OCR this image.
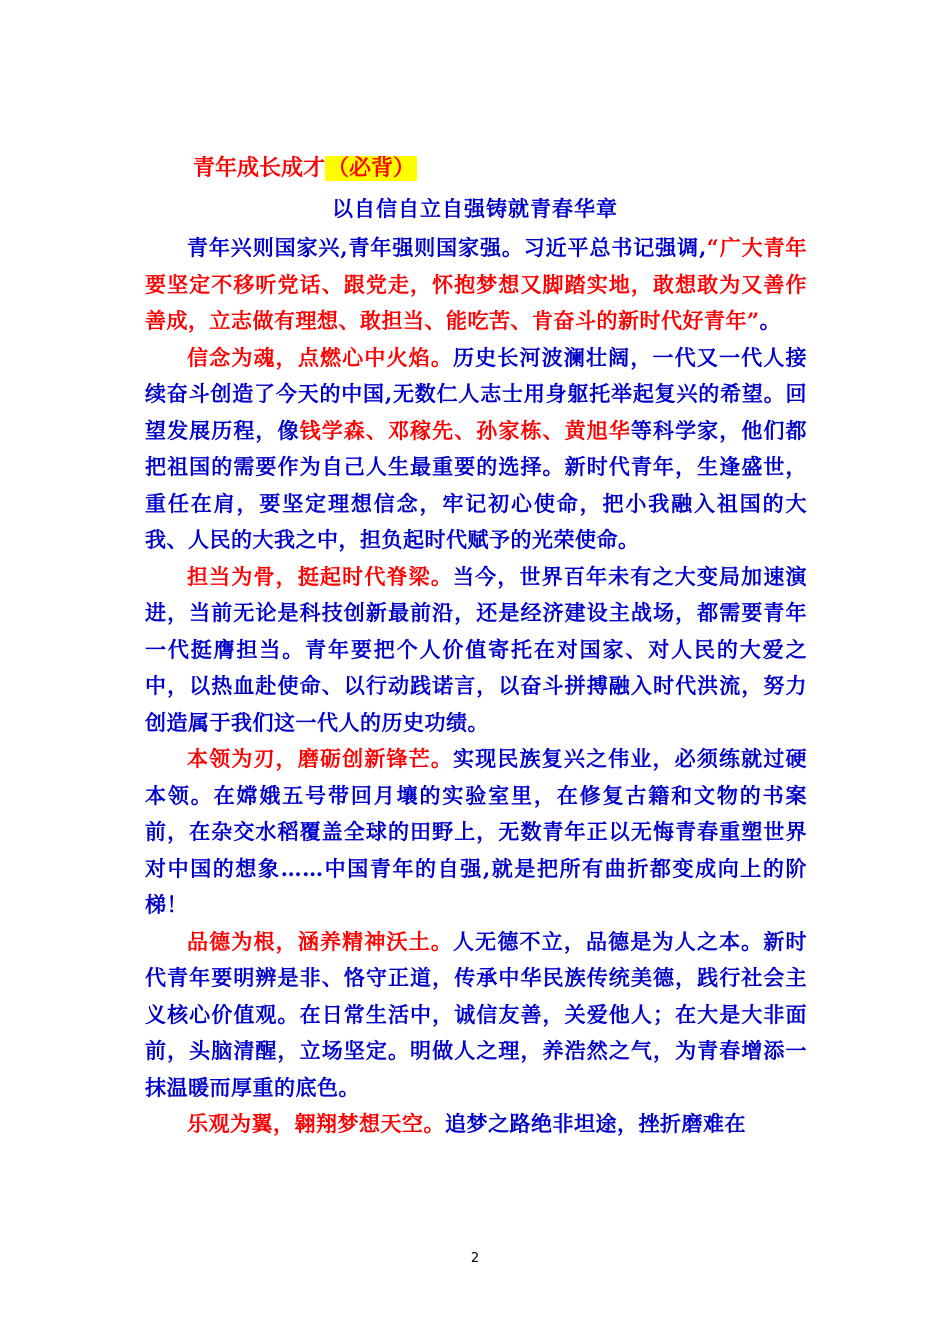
青年成长成才（必背）
以自信自立自强铸就青春华章

青年兴则国家兴,青年强则国家强。习近平总书记强调,“广大青年要坚定不移听党话、跟党走，怀抱梦想又脚踏实地，敢想敢为又善作善成，立志做有理想、敢担当、能吃苦、肯奋斗的新时代好青年”。

信念为魂，点燃心中火焰。历史长河波澜壮阔，一代又一代人接续奋斗创造了今天的中国,无数仁人志士用身躯托举起复兴的希望。回望发展历程，像钱学森、邓稼先、孙家栋、黄旭华等科学家，他们都把祖国的需要作为自己人生最重要的选择。新时代青年，生逢盛世，重任在肩，要坚定理想信念，牢记初心使命，把小我融入祖国的大我、人民的大我之中，担负起时代赋予的光荣使命。

担当为骨，挺起时代脊梁。当今，世界百年未有之大变局加速演进，当前无论是科技创新最前沿，还是经济建设主战场，都需要青年一代挺膺担当。青年要把个人价值寄托在对国家、对人民的大爱之中，以热血赴使命、以行动践诺言，以奋斗拼搏融入时代洪流，努力创造属于我们这一代人的历史功绩。

本领为刃，磨砺创新锋芒。实现民族复兴之伟业，必须练就过硬本领。在嫦娥五号带回月壤的实验室里，在修复古籍和文物的书案前，在杂交水稻覆盖全球的田野上，无数青年正以无悔青春重塑世界对中国的想象……中国青年的自强,就是把所有曲折都变成向上的阶梯！

品德为根，涵养精神沃土。人无德不立，品德是为人之本。新时代青年要明辨是非、恪守正道，传承中华民族传统美德，践行社会主义核心价值观。在日常生活中，诚信友善，关爱他人；在大是大非面前，头脑清醒，立场坚定。明做人之理，养浩然之气，为青春增添一抹温暖而厚重的底色。

乐观为翼，翱翔梦想天空。追梦之路绝非坦途，挫折磨难在

2
